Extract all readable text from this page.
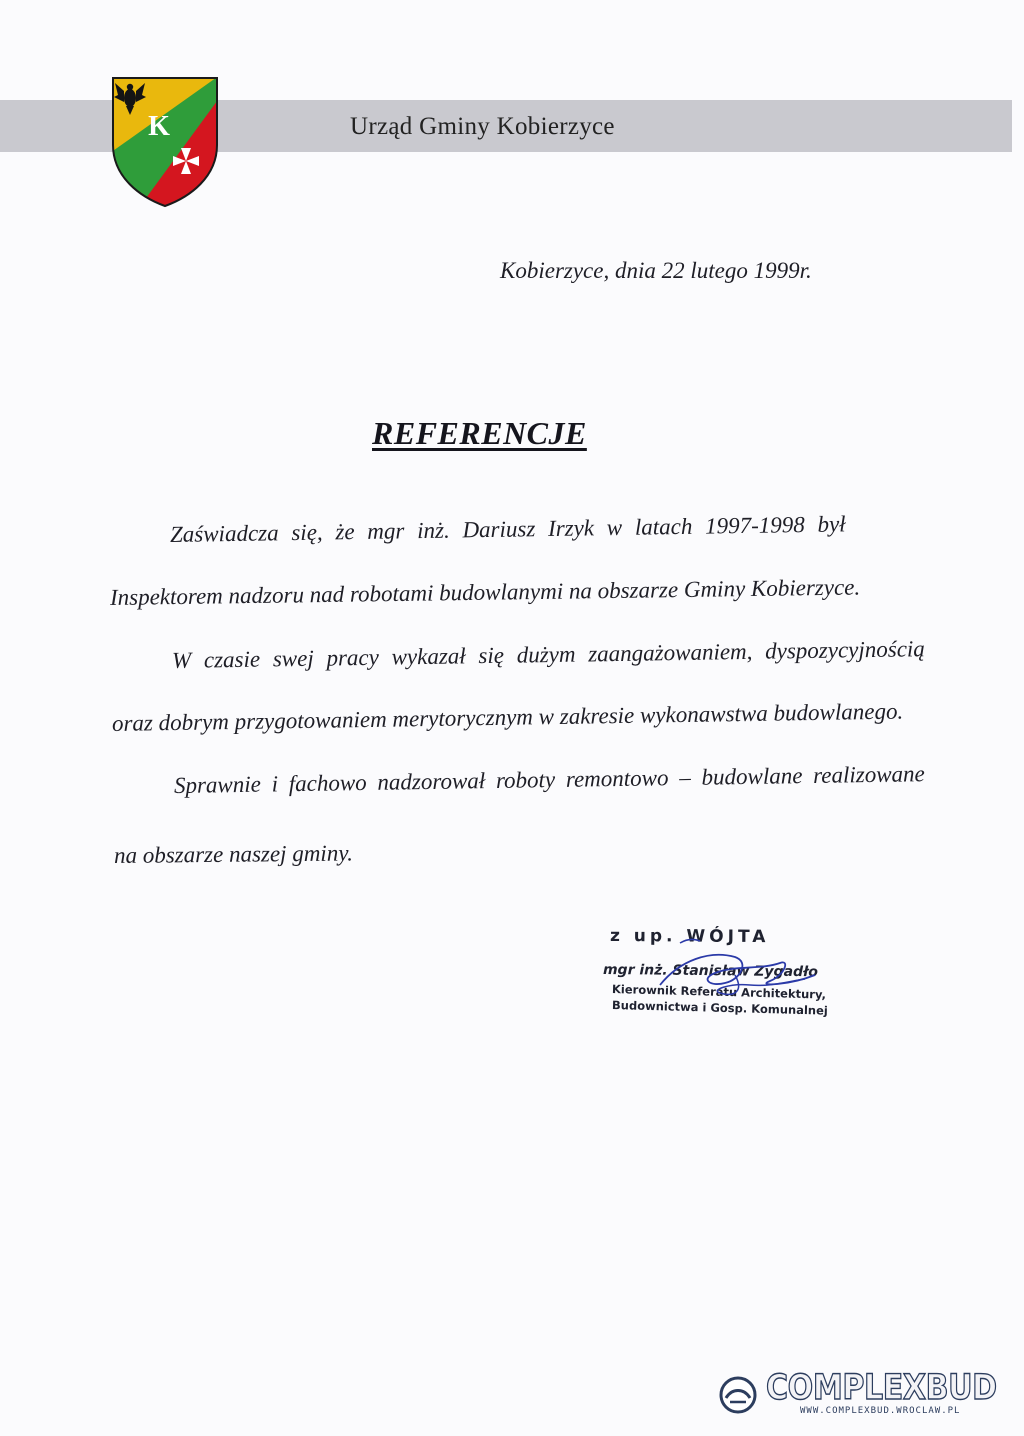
K	Urząd Gminy Kobierzyce
Kobierzyce, dnia 22 lutego 1999r.
REFERENCJE
Zaświadcza się, że mgr inż. Dariusz Irzyk w latach 1997-1998 był
Inspektorem nadzoru nad robotami budowlanymi na obszarze Gminy Kobierzyce.
W czasie swej pracy wykazał się dużym zaangażowaniem, dyspozycyjnością
oraz dobrym przygotowaniem merytorycznym w zakresie wykonawstwa budowlanego.
Sprawnie i fachowo nadzorował roboty remontowo – budowlane realizowane
na obszarze naszej gminy.
z up. WÓJTA
mgr inż. Stanisław Zygadło
Kierownik Referatu Architektury,
Budownictwa i Gosp. Komunalnej
COMPLEXBUD
WWW.COMPLEXBUD.WROCLAW.PL
